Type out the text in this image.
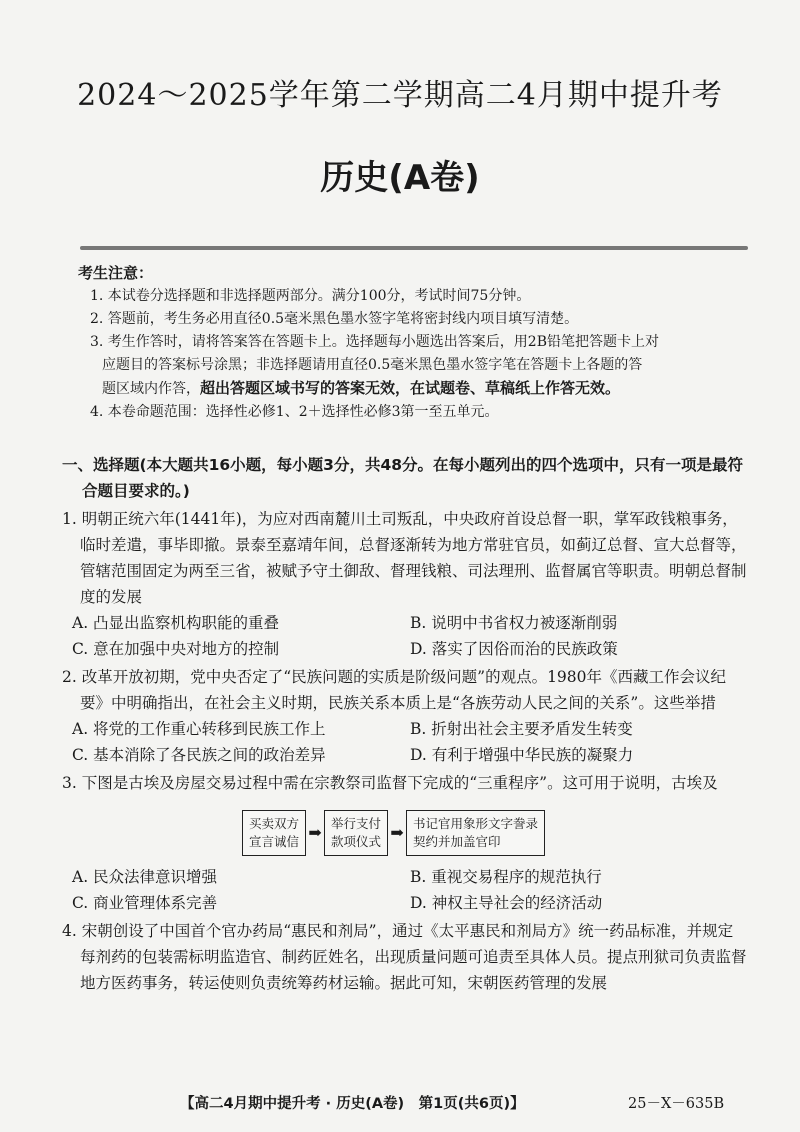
2024～2025学年第二学期高二4月期中提升考
历史(A卷)
考生注意：
1. 本试卷分选择题和非选择题两部分。满分100分，考试时间75分钟。
2. 答题前，考生务必用直径0.5毫米黑色墨水签字笔将密封线内项目填写清楚。
3. 考生作答时，请将答案答在答题卡上。选择题每小题选出答案后，用2B铅笔把答题卡上对
应题目的答案标号涂黑；非选择题请用直径0.5毫米黑色墨水签字笔在答题卡上各题的答
题区域内作答，超出答题区域书写的答案无效，在试题卷、草稿纸上作答无效。
4. 本卷命题范围：选择性必修1、2＋选择性必修3第一至五单元。
一、选择题(本大题共16小题，每小题3分，共48分。在每小题列出的四个选项中，只有一项是最符合题目要求的。)
1. 明朝正统六年(1441年)，为应对西南麓川土司叛乱，中央政府首设总督一职，掌军政钱粮事务，临时差遣，事毕即撤。景泰至嘉靖年间，总督逐渐转为地方常驻官员，如蓟辽总督、宣大总督等，管辖范围固定为两至三省，被赋予守土御敌、督理钱粮、司法理刑、监督属官等职责。明朝总督制度的发展
A. 凸显出监察机构职能的重叠	B. 说明中书省权力被逐渐削弱
C. 意在加强中央对地方的控制	D. 落实了因俗而治的民族政策
2. 改革开放初期，党中央否定了“民族问题的实质是阶级问题”的观点。1980年《西藏工作会议纪要》中明确指出，在社会主义时期，民族关系本质上是“各族劳动人民之间的关系”。这些举措
A. 将党的工作重心转移到民族工作上	B. 折射出社会主要矛盾发生转变
C. 基本消除了各民族之间的政治差异	D. 有利于增强中华民族的凝聚力
3. 下图是古埃及房屋交易过程中需在宗教祭司监督下完成的“三重程序”。这可用于说明，古埃及
买卖双方
宣言诚信 ➡ 举行支付
款项仪式 ➡ 书记官用象形文字誊录
契约并加盖官印
A. 民众法律意识增强	B. 重视交易程序的规范执行
C. 商业管理体系完善	D. 神权主导社会的经济活动
4. 宋朝创设了中国首个官办药局“惠民和剂局”，通过《太平惠民和剂局方》统一药品标准，并规定每剂药的包装需标明监造官、制药匠姓名，出现质量问题可追责至具体人员。提点刑狱司负责监督地方医药事务，转运使则负责统筹药材运输。据此可知，宋朝医药管理的发展
【高二4月期中提升考 · 历史(A卷)　第1页(共6页)】	25－X－635B
